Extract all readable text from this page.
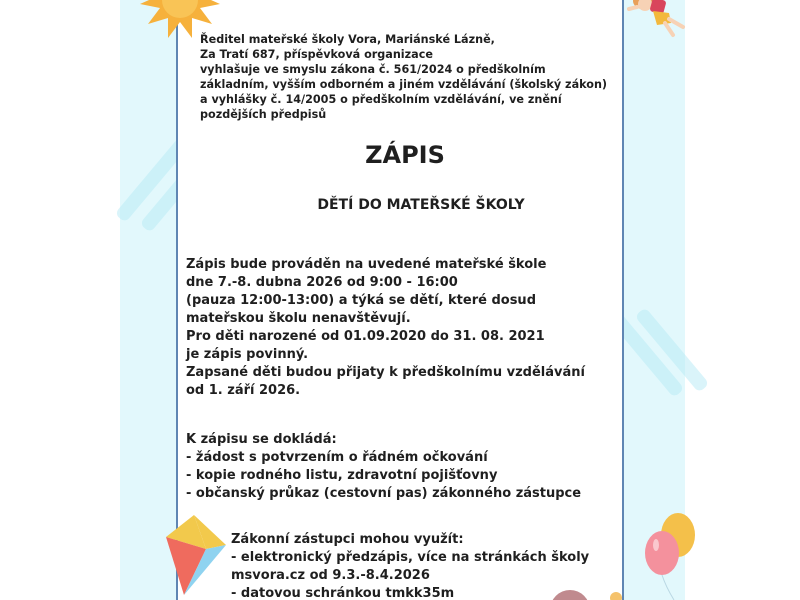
Ředitel mateřské školy Vora, Mariánské Lázně,
Za Tratí 687, příspěvková organizace
vyhlašuje ve smyslu zákona č. 561/2024 o předškolním
základním, vyšším odborném a jiném vzdělávání (školský zákon)
a vyhlášky č. 14/2005 o předškolním vzdělávání, ve znění
pozdějších předpisů
ZÁPIS
DĚTÍ DO MATEŘSKÉ ŠKOLY
Zápis bude prováděn na uvedené mateřské škole
dne 7.-8. dubna 2026 od 9:00 - 16:00
(pauza 12:00-13:00) a týká se dětí, které dosud
mateřskou školu nenavštěvují.
Pro děti narozené od 01.09.2020 do 31. 08. 2021
je zápis povinný.
Zapsané děti budou přijaty k předškolnímu vzdělávání
od 1. září 2026.
K zápisu se dokládá:
- žádost s potvrzením o řádném očkování
- kopie rodného listu, zdravotní pojišťovny
- občanský průkaz (cestovní pas) zákonného zástupce
Zákonní zástupci mohou využít:
- elektronický předzápis, více na stránkách školy
msvora.cz od 9.3.-8.4.2026
- datovou schránkou tmkk35m
